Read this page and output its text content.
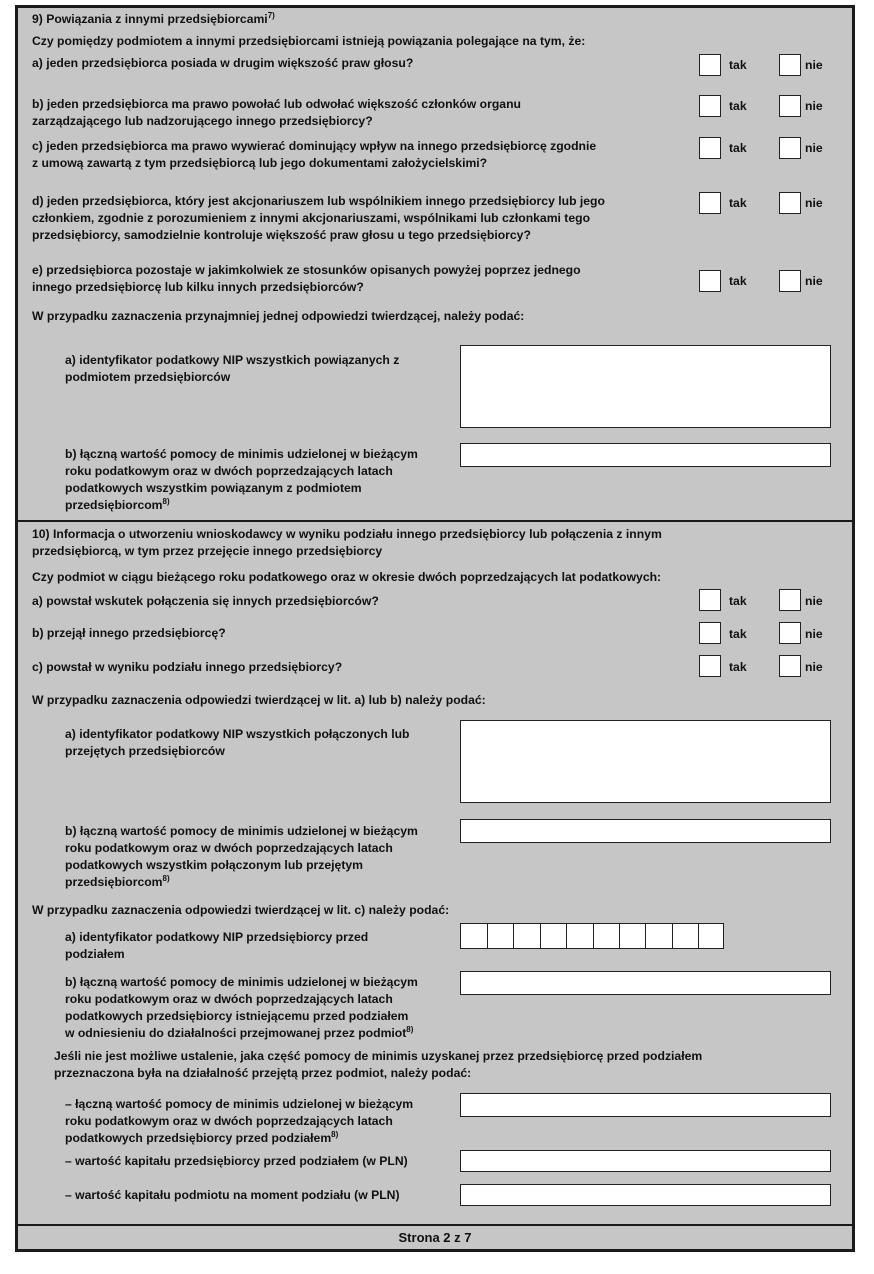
9) Powiązania z innymi przedsiębiorcami$^{7)}$
Czy pomiędzy podmiotem a innymi przedsiębiorcami istnieją powiązania polegające na tym, że:
a) jeden przedsiębiorca posiada w drugim większość praw głosu?	tak	nie
b) jeden przedsiębiorca ma prawo powołać lub odwołać większość członków organu
zarządzającego lub nadzorującego innego przedsiębiorcy?
tak	nie
c) jeden przedsiębiorca ma prawo wywierać dominujący wpływ na innego przedsiębiorcę zgodnie
z umową zawartą z tym przedsiębiorcą lub jego dokumentami założycielskimi?
tak	nie
d) jeden przedsiębiorca, który jest akcjonariuszem lub wspólnikiem innego przedsiębiorcy lub jego
członkiem, zgodnie z porozumieniem z innymi akcjonariuszami, wspólnikami lub członkami tego
przedsiębiorcy, samodzielnie kontroluje większość praw głosu u tego przedsiębiorcy?
tak	nie
e) przedsiębiorca pozostaje w jakimkolwiek ze stosunków opisanych powyżej poprzez jednego
innego przedsiębiorcę lub kilku innych przedsiębiorców?	tak	nie
W przypadku zaznaczenia przynajmniej jednej odpowiedzi twierdzącej, należy podać:
a) identyfikator podatkowy NIP wszystkich powiązanych z
podmiotem przedsiębiorców
b) łączną wartość pomocy de minimis udzielonej w bieżącym
roku podatkowym oraz w dwóch poprzedzających latach
podatkowych wszystkim powiązanym z podmiotem
przedsiębiorcom$^{8)}$
10) Informacja o utworzeniu wnioskodawcy w wyniku podziału innego przedsiębiorcy lub połączenia z innym
przedsiębiorcą, w tym przez przejęcie innego przedsiębiorcy
Czy podmiot w ciągu bieżącego roku podatkowego oraz w okresie dwóch poprzedzających lat podatkowych:
a) powstał wskutek połączenia się innych przedsiębiorców?	tak	nie
b) przejął innego przedsiębiorcę?	tak	nie
c) powstał w wyniku podziału innego przedsiębiorcy?	tak	nie
W przypadku zaznaczenia odpowiedzi twierdzącej w lit. a) lub b) należy podać:
a) identyfikator podatkowy NIP wszystkich połączonych lub
przejętych przedsiębiorców
b) łączną wartość pomocy de minimis udzielonej w bieżącym
roku podatkowym oraz w dwóch poprzedzających latach
podatkowych wszystkim połączonym lub przejętym
przedsiębiorcom$^{8)}$
W przypadku zaznaczenia odpowiedzi twierdzącej w lit. c) należy podać:
a) identyfikator podatkowy NIP przedsiębiorcy przed
podziałem
b) łączną wartość pomocy de minimis udzielonej w bieżącym
roku podatkowym oraz w dwóch poprzedzających latach
podatkowych przedsiębiorcy istniejącemu przed podziałem
w odniesieniu do działalności przejmowanej przez podmiot$^{8)}$
Jeśli nie jest możliwe ustalenie, jaka część pomocy de minimis uzyskanej przez przedsiębiorcę przed podziałem
przeznaczona była na działalność przejętą przez podmiot, należy podać:
– łączną wartość pomocy de minimis udzielonej w bieżącym
roku podatkowym oraz w dwóch poprzedzających latach
podatkowych przedsiębiorcy przed podziałem$^{8)}$
– wartość kapitału przedsiębiorcy przed podziałem (w PLN)
– wartość kapitału podmiotu na moment podziału (w PLN)
Strona 2 z 7
